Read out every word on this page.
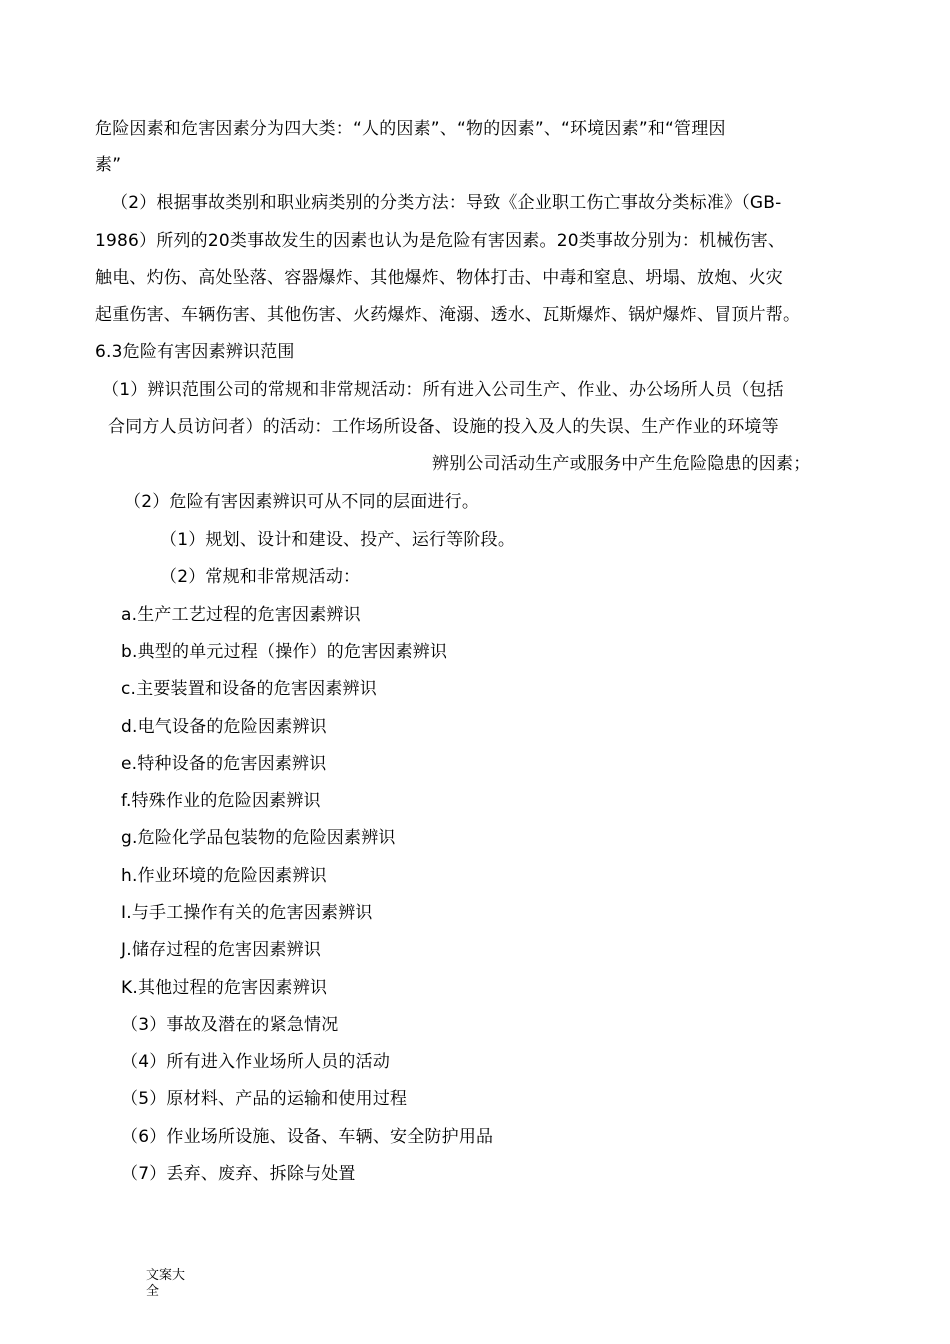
危险因素和危害因素分为四大类：“人的因素”、“物的因素”、“环境因素”和“管理因
素”
（2）根据事故类别和职业病类别的分类方法：导致《企业职工伤亡事故分类标准》（GB-
1986）所列的20类事故发生的因素也认为是危险有害因素。20类事故分别为：机械伤害、
触电、灼伤、高处坠落、容器爆炸、其他爆炸、物体打击、中毒和窒息、坍塌、放炮、火灾
起重伤害、车辆伤害、其他伤害、火药爆炸、淹溺、透水、瓦斯爆炸、锅炉爆炸、冒顶片帮。
6.3危险有害因素辨识范围
（1）辨识范围公司的常规和非常规活动：所有进入公司生产、作业、办公场所人员（包括
合同方人员访问者）的活动：工作场所设备、设施的投入及人的失误、生产作业的环境等
辨别公司活动生产或服务中产生危险隐患的因素；
（2）危险有害因素辨识可从不同的层面进行。
（1）规划、设计和建设、投产、运行等阶段。
（2）常规和非常规活动：
a.生产工艺过程的危害因素辨识
b.典型的单元过程（操作）的危害因素辨识
c.主要装置和设备的危害因素辨识
d.电气设备的危险因素辨识
e.特种设备的危害因素辨识
f.特殊作业的危险因素辨识
g.危险化学品包装物的危险因素辨识
h.作业环境的危险因素辨识
I.与手工操作有关的危害因素辨识
J.储存过程的危害因素辨识
K.其他过程的危害因素辨识
（3）事故及潜在的紧急情况
（4）所有进入作业场所人员的活动
（5）原材料、产品的运输和使用过程
（6）作业场所设施、设备、车辆、安全防护用品
（7）丢弃、废弃、拆除与处置
文案大全
